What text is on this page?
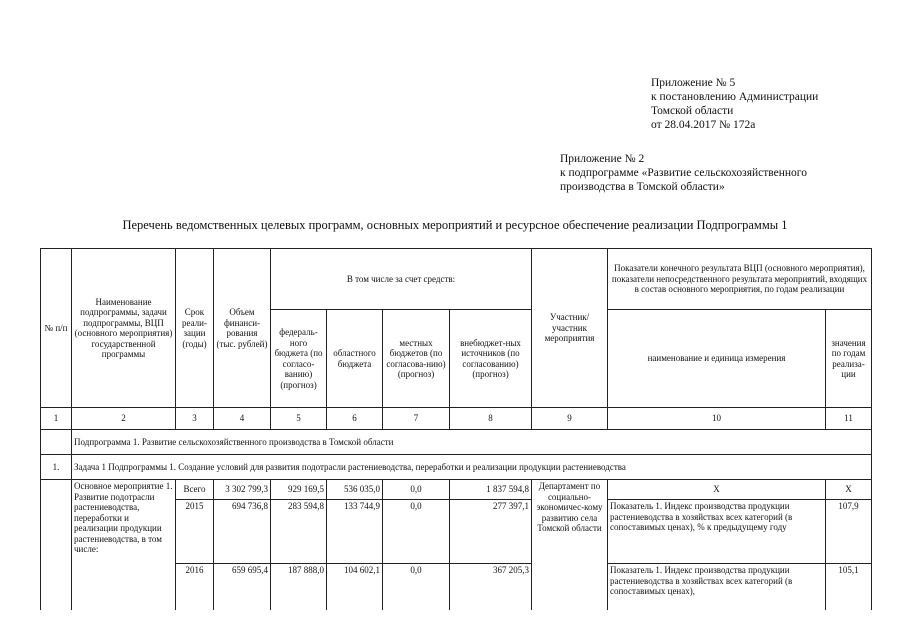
Приложение № 5
к постановлению Администрации
Томской области
от 28.04.2017 № 172а
Приложение № 2
к подпрограмме «Развитие сельскохозяйственного
производства в Томской области»
Перечень ведомственных целевых программ, основных мероприятий и ресурсное обеспечение реализации Подпрограммы 1
№ п/п	Наименование подпрограммы, задачи подпрограммы, ВЦП (основного мероприятия) государственной программы	Срок реали-зации (годы)	Объем финанси-рования (тыс. рублей)	В том числе за счет средств:				Участник/ участник мероприятия	Показатели конечного результата ВЦП (основного мероприятия), показатели непосредственного результата мероприятий, входящих в состав основного мероприятия, по годам реализации	
				федераль-ного бюджета (по согласо-ванию) (прогноз)	областного бюджета	местных бюджетов (по согласова-нию) (прогноз)	внебюджет-ных источников (по согласованию) (прогноз)		наименование и единица измерения	значения по годам реализа-ции
1	2	3	4	5	6	7	8	9	10	11
	Подпрограмма 1. Развитие сельскохозяйственного производства в Томской области									
1.	Задача 1 Подпрограммы 1. Создание условий для развития подотрасли растениеводства, переработки и реализации продукции растениеводства									
	Основное мероприятие 1. Развитие подотрасли растениеводства, переработки и реализации продукции растениеводства, в том числе:	Всего	3 302 799,3	929 169,5	536 035,0	0,0	1 837 594,8	Департамент по социально-экономичес-кому развитию села Томской области	X	X
		2015	694 736,8	283 594,8	133 744,9	0,0	277 397,1		Показатель 1. Индекс производства продукции растениеводства в хозяйствах всех категорий (в сопоставимых ценах), % к предыдущему году	107,9
		2016	659 695,4	187 888,0	104 602,1	0,0	367 205,3		Показатель 1. Индекс производства продукции растениеводства в хозяйствах всех категорий (в сопоставимых ценах),	105,1
